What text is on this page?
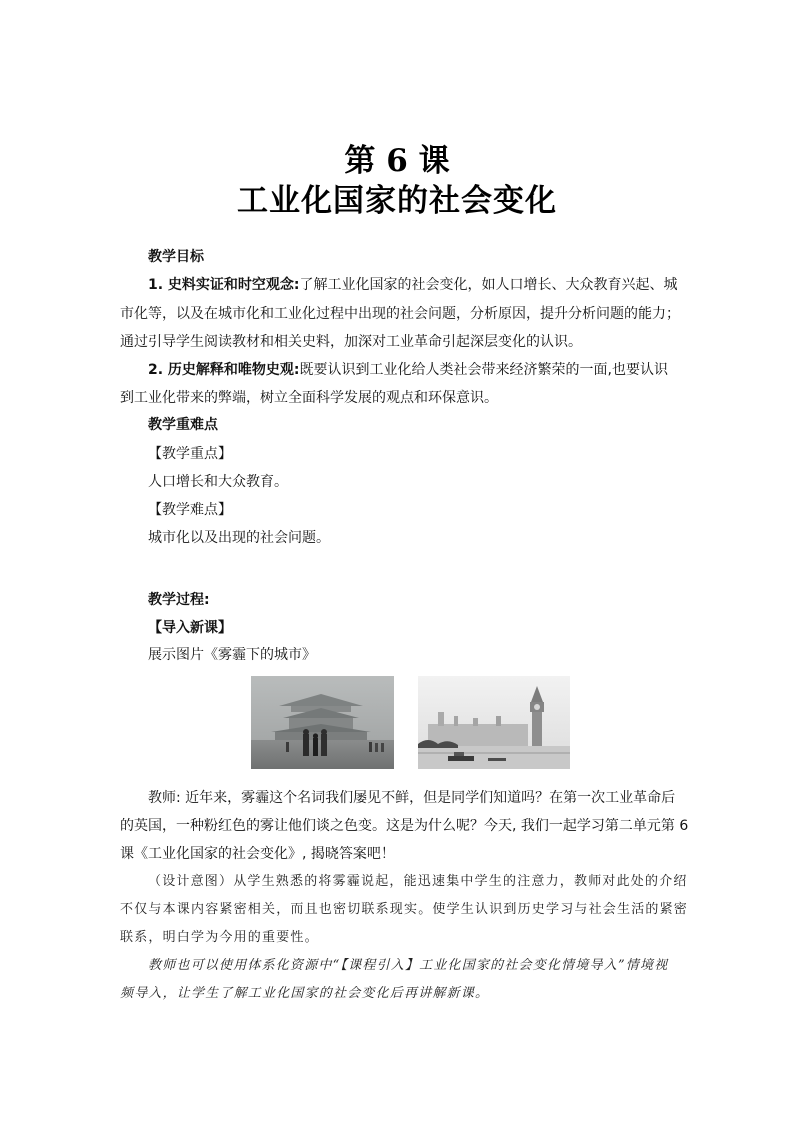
第 6 课
工业化国家的社会变化
教学目标
1. 史料实证和时空观念:了解工业化国家的社会变化，如人口增长、大众教育兴起、城
市化等，以及在城市化和工业化过程中出现的社会问题，分析原因，提升分析问题的能力；
通过引导学生阅读教材和相关史料，加深对工业革命引起深层变化的认识。
2. 历史解释和唯物史观:既要认识到工业化给人类社会带来经济繁荣的一面,也要认识
到工业化带来的弊端，树立全面科学发展的观点和环保意识。
教学重难点
【教学重点】
人口增长和大众教育。
【教学难点】
城市化以及出现的社会问题。
教学过程:
【导入新课】
展示图片《雾霾下的城市》
教师: 近年来，雾霾这个名词我们屡见不鲜，但是同学们知道吗？在第一次工业革命后
的英国，一种粉红色的雾让他们谈之色变。这是为什么呢？今天, 我们一起学习第二单元第 6
课《工业化国家的社会变化》, 揭晓答案吧！
（设计意图）从学生熟悉的将雾霾说起，能迅速集中学生的注意力，教师对此处的介绍
不仅与本课内容紧密相关，而且也密切联系现实。使学生认识到历史学习与社会生活的紧密
联系，明白学为今用的重要性。
教师也可以使用体系化资源中“【课程引入】工业化国家的社会变化情境导入”情境视
频导入，让学生了解工业化国家的社会变化后再讲解新课。
